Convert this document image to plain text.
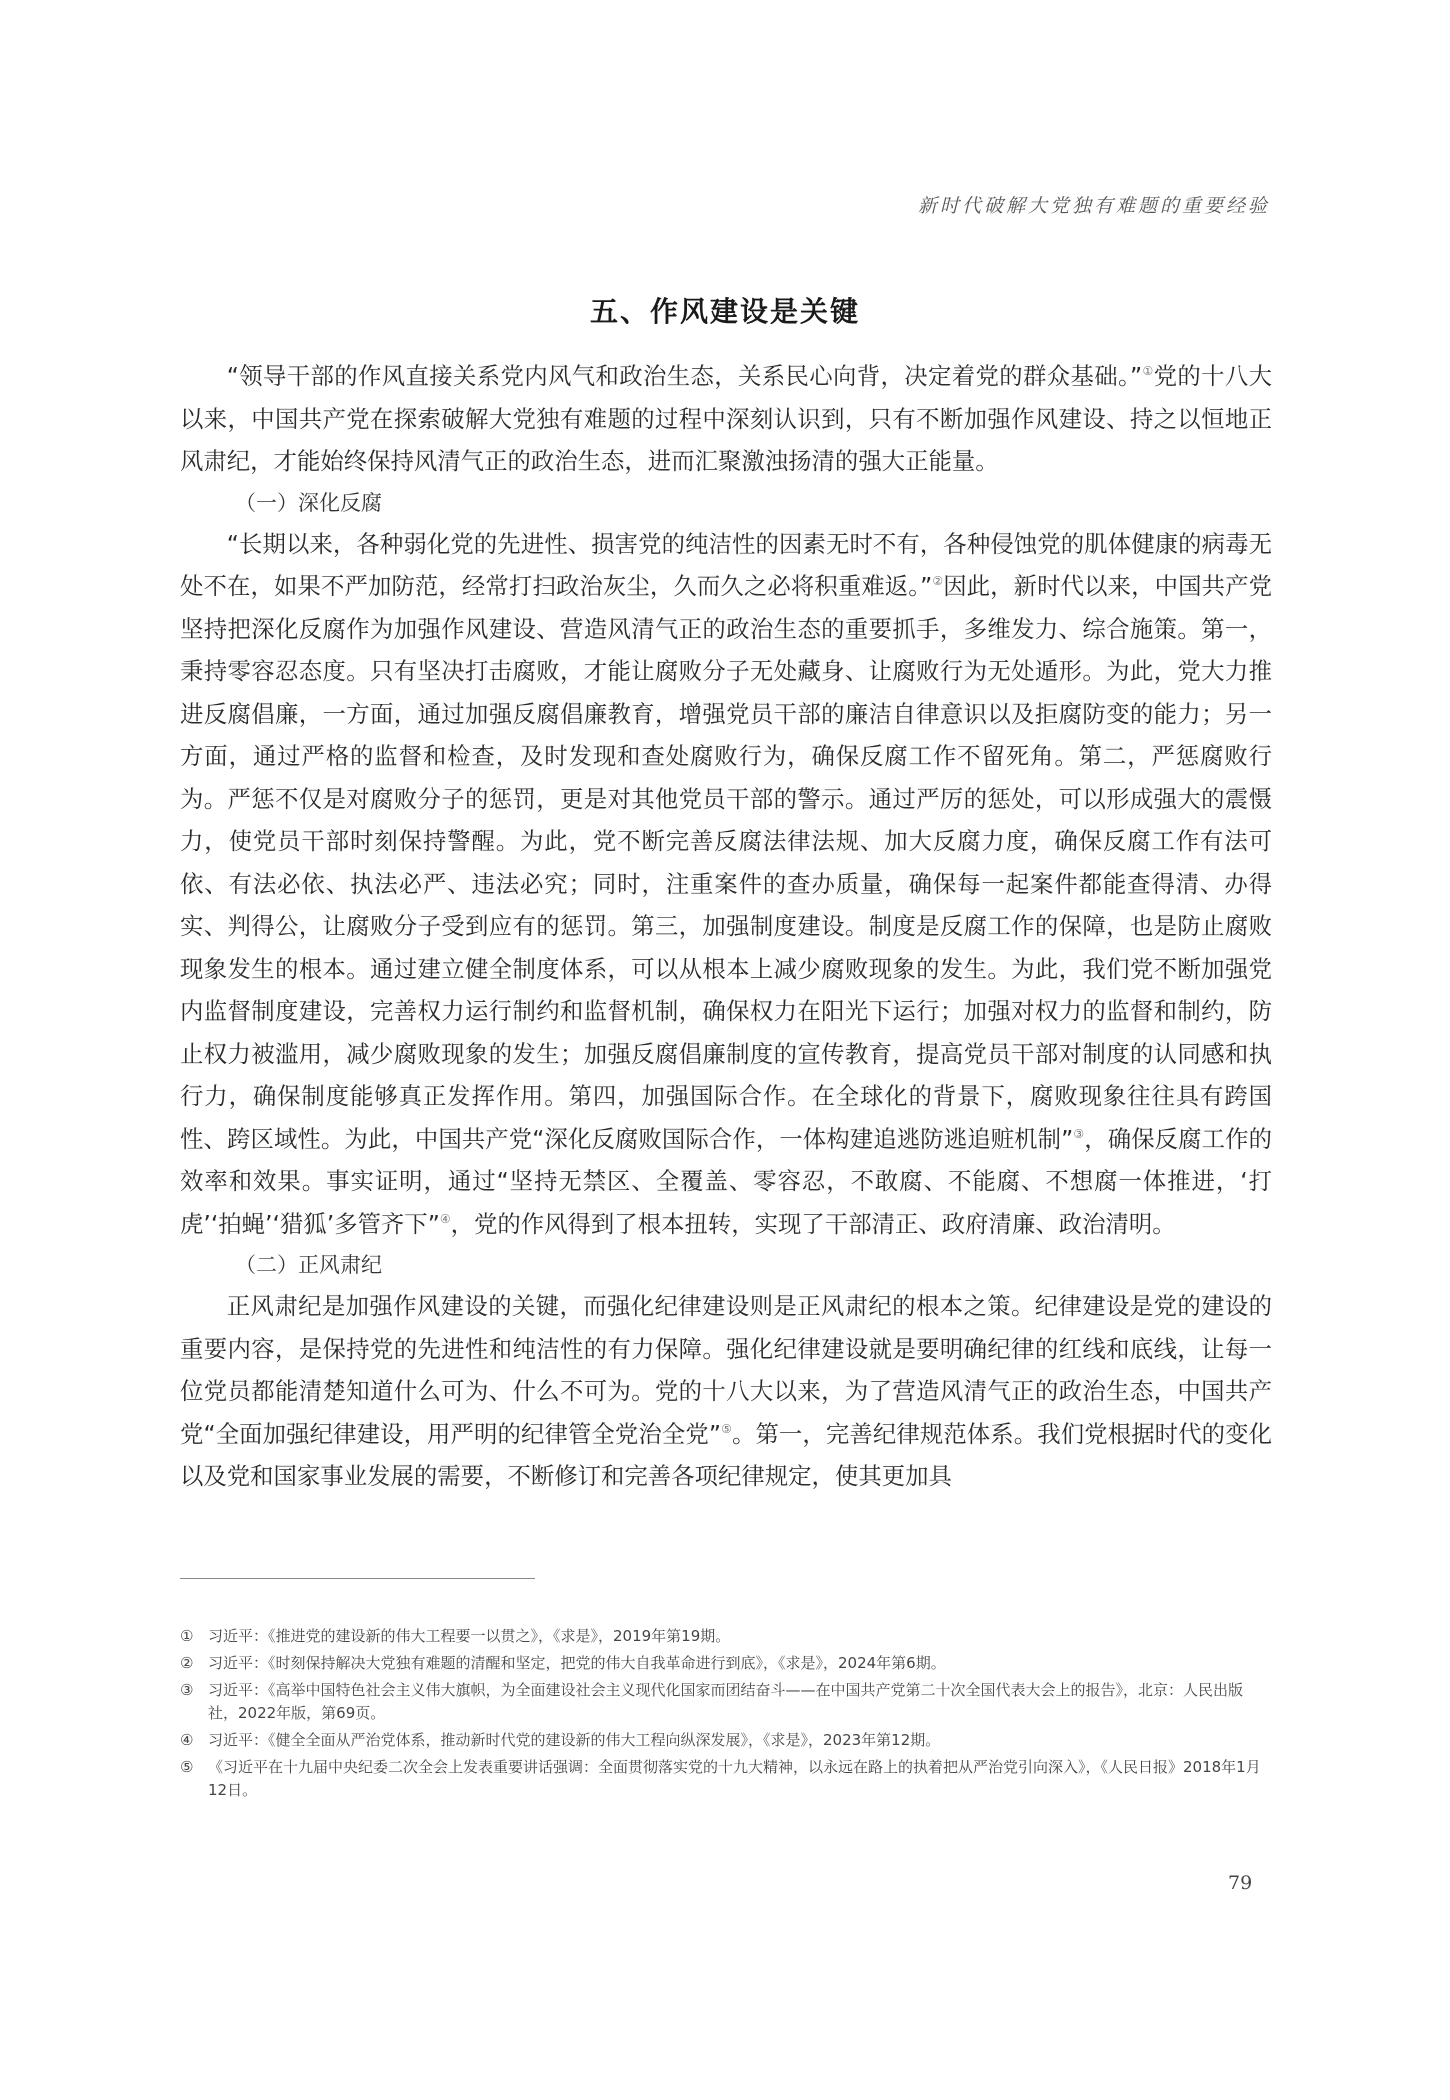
新时代破解大党独有难题的重要经验
五、作风建设是关键

“领导干部的作风直接关系党内风气和政治生态，关系民心向背，决定着党的群众基础。”①党的十八大以来，中国共产党在探索破解大党独有难题的过程中深刻认识到，只有不断加强作风建设、持之以恒地正风肃纪，才能始终保持风清气正的政治生态，进而汇聚激浊扬清的强大正能量。

（一）深化反腐

“长期以来，各种弱化党的先进性、损害党的纯洁性的因素无时不有，各种侵蚀党的肌体健康的病毒无处不在，如果不严加防范，经常打扫政治灰尘，久而久之必将积重难返。”②因此，新时代以来，中国共产党坚持把深化反腐作为加强作风建设、营造风清气正的政治生态的重要抓手，多维发力、综合施策。第一，秉持零容忍态度。只有坚决打击腐败，才能让腐败分子无处藏身、让腐败行为无处遁形。为此，党大力推进反腐倡廉，一方面，通过加强反腐倡廉教育，增强党员干部的廉洁自律意识以及拒腐防变的能力；另一方面，通过严格的监督和检查，及时发现和查处腐败行为，确保反腐工作不留死角。第二，严惩腐败行为。严惩不仅是对腐败分子的惩罚，更是对其他党员干部的警示。通过严厉的惩处，可以形成强大的震慑力，使党员干部时刻保持警醒。为此，党不断完善反腐法律法规、加大反腐力度，确保反腐工作有法可依、有法必依、执法必严、违法必究；同时，注重案件的查办质量，确保每一起案件都能查得清、办得实、判得公，让腐败分子受到应有的惩罚。第三，加强制度建设。制度是反腐工作的保障，也是防止腐败现象发生的根本。通过建立健全制度体系，可以从根本上减少腐败现象的发生。为此，我们党不断加强党内监督制度建设，完善权力运行制约和监督机制，确保权力在阳光下运行；加强对权力的监督和制约，防止权力被滥用，减少腐败现象的发生；加强反腐倡廉制度的宣传教育，提高党员干部对制度的认同感和执行力，确保制度能够真正发挥作用。第四，加强国际合作。在全球化的背景下，腐败现象往往具有跨国性、跨区域性。为此，中国共产党“深化反腐败国际合作，一体构建追逃防逃追赃机制”③，确保反腐工作的效率和效果。事实证明，通过“坚持无禁区、全覆盖、零容忍，不敢腐、不能腐、不想腐一体推进，‘打虎’‘拍蝇’‘猎狐’多管齐下”④，党的作风得到了根本扭转，实现了干部清正、政府清廉、政治清明。

（二）正风肃纪

正风肃纪是加强作风建设的关键，而强化纪律建设则是正风肃纪的根本之策。纪律建设是党的建设的重要内容，是保持党的先进性和纯洁性的有力保障。强化纪律建设就是要明确纪律的红线和底线，让每一位党员都能清楚知道什么可为、什么不可为。党的十八大以来，为了营造风清气正的政治生态，中国共产党“全面加强纪律建设，用严明的纪律管全党治全党”⑤。第一，完善纪律规范体系。我们党根据时代的变化以及党和国家事业发展的需要，不断修订和完善各项纪律规定，使其更加具

① 习近平：《推进党的建设新的伟大工程要一以贯之》，《求是》，2019年第19期。
② 习近平：《时刻保持解决大党独有难题的清醒和坚定，把党的伟大自我革命进行到底》，《求是》，2024年第6期。
③ 习近平：《高举中国特色社会主义伟大旗帜，为全面建设社会主义现代化国家而团结奋斗——在中国共产党第二十次全国代表大会上的报告》，北京：人民出版社，2022年版，第69页。
④ 习近平：《健全全面从严治党体系，推动新时代党的建设新的伟大工程向纵深发展》，《求是》，2023年第12期。
⑤ 《习近平在十九届中央纪委二次全会上发表重要讲话强调：全面贯彻落实党的十九大精神，以永远在路上的执着把从严治党引向深入》，《人民日报》2018年1月12日。
79
